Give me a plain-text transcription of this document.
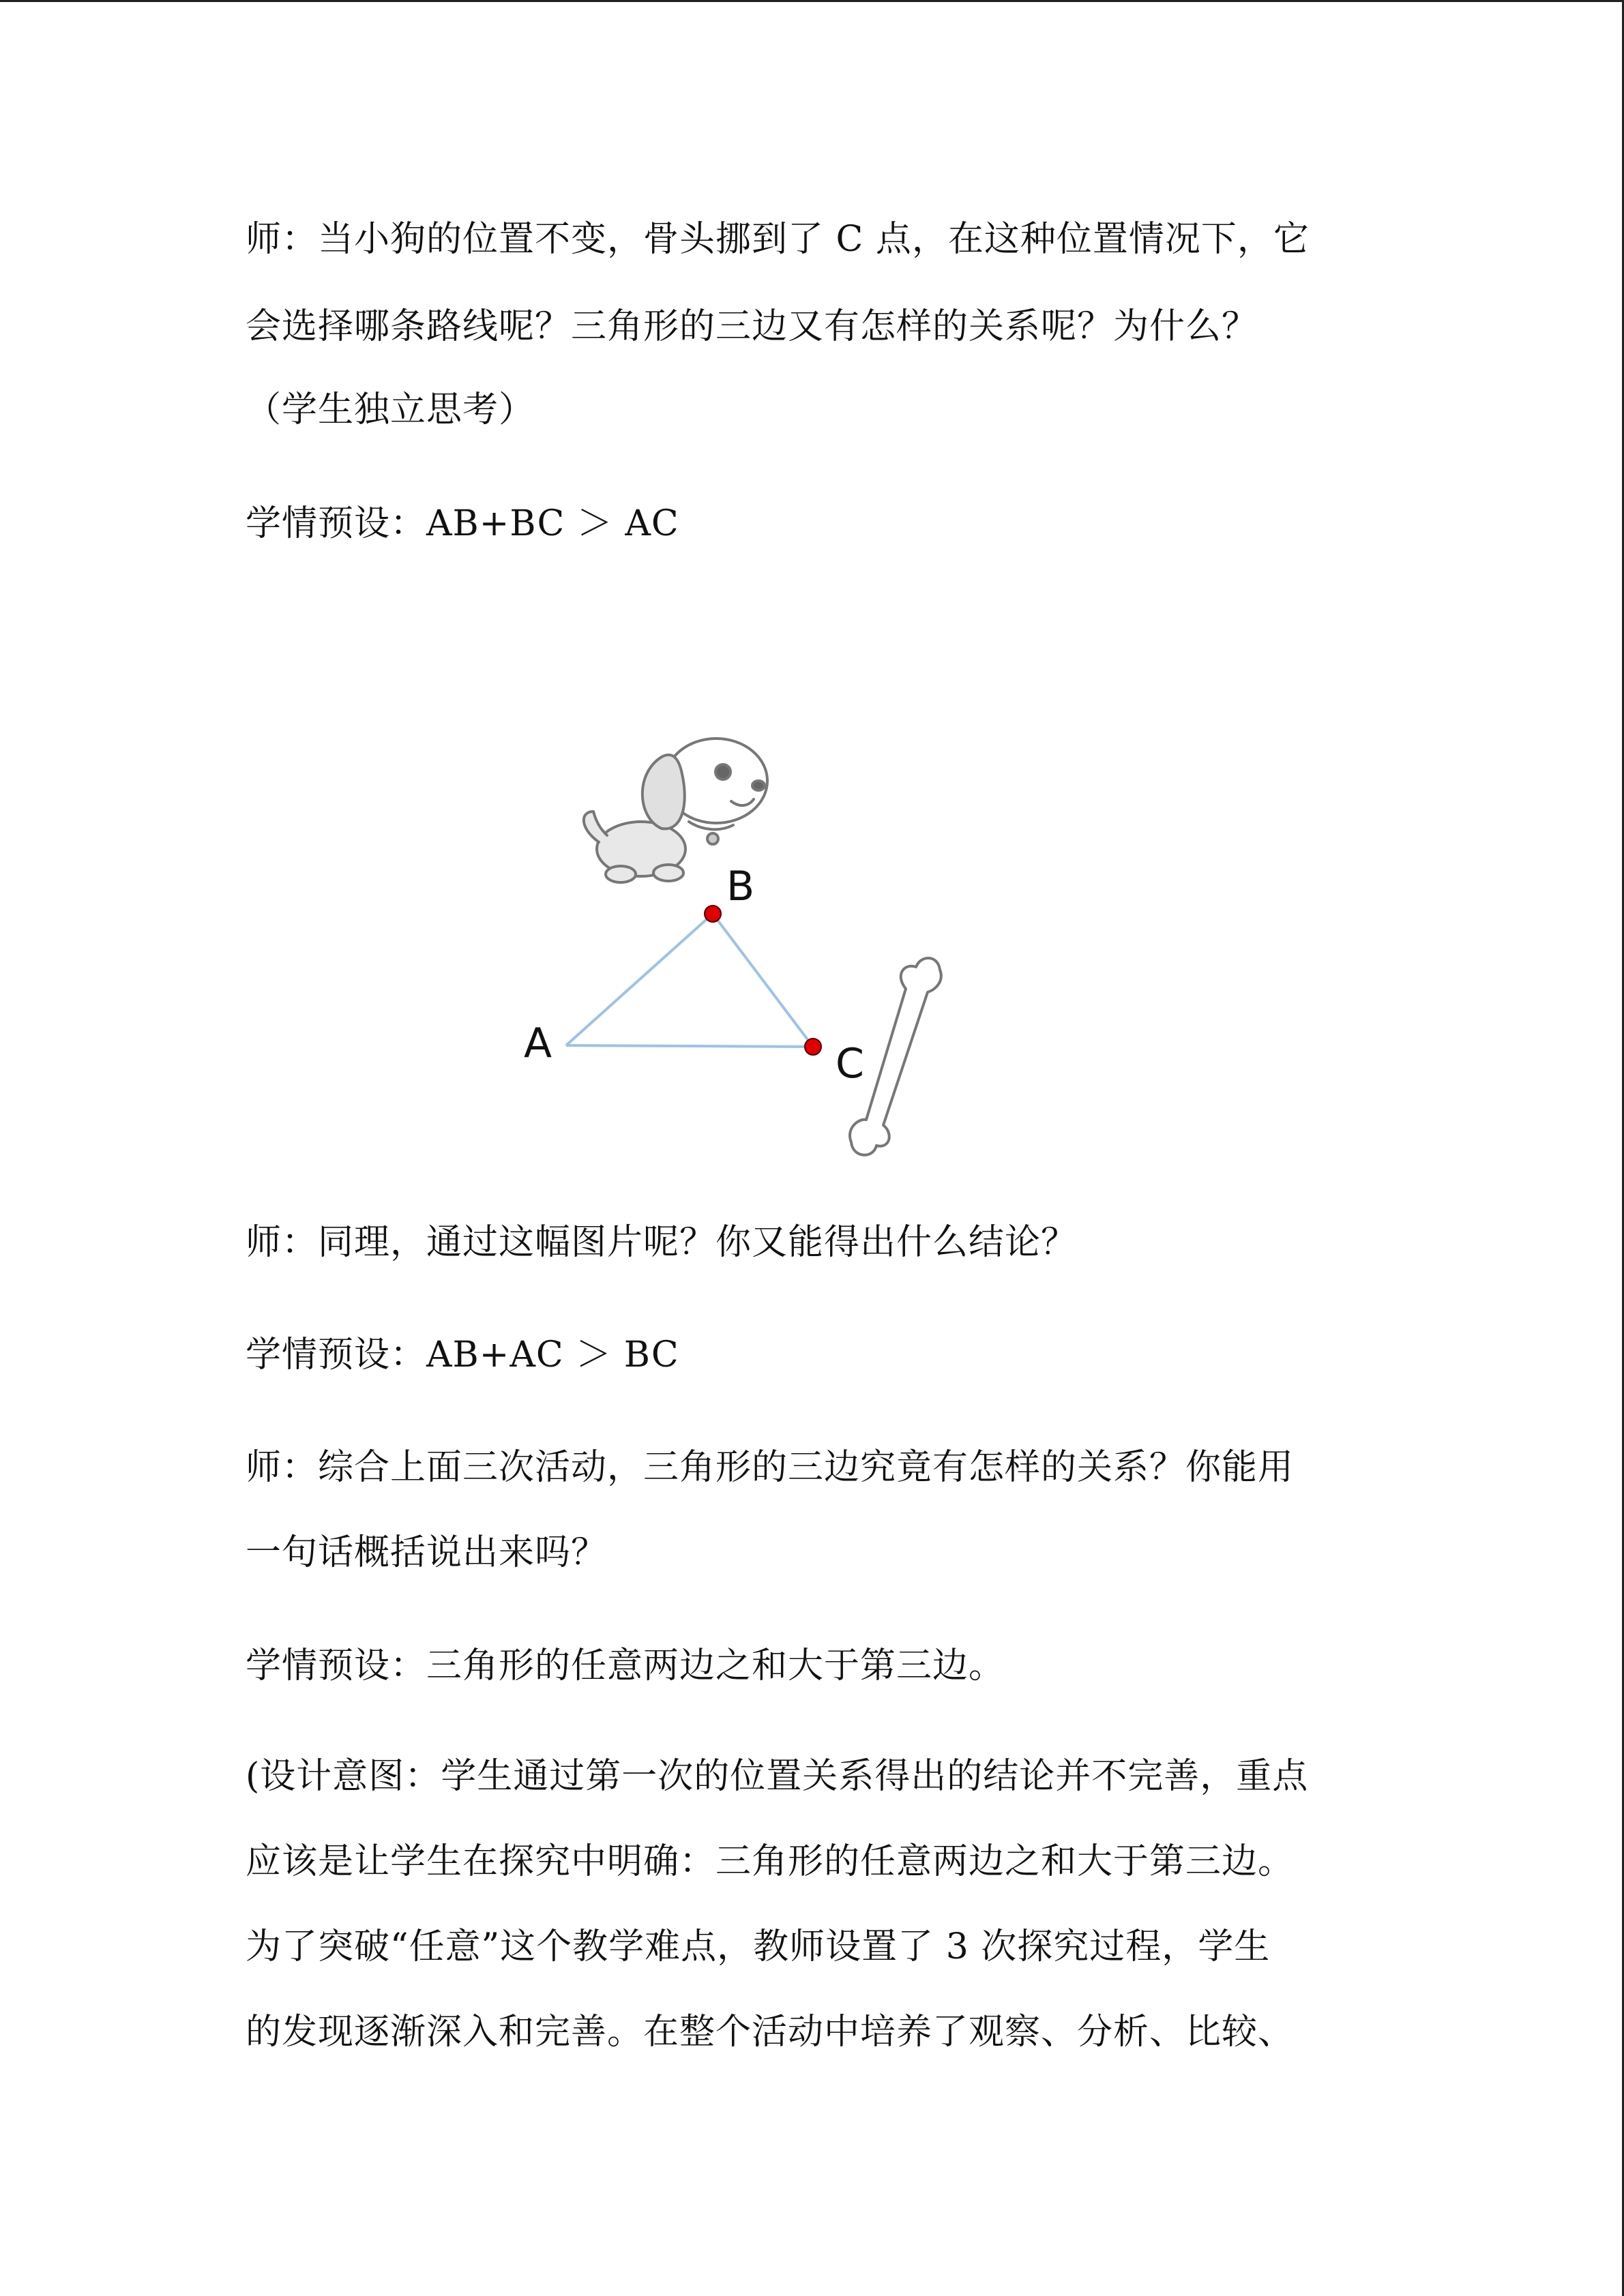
师：当小狗的位置不变，骨头挪到了 C 点，在这种位置情况下，它
会选择哪条路线呢？三角形的三边又有怎样的关系呢？为什么？
（学生独立思考）
学情预设：AB+BC ＞ AC
A
B
C
师：同理，通过这幅图片呢？你又能得出什么结论？
学情预设：AB+AC ＞ BC
师：综合上面三次活动，三角形的三边究竟有怎样的关系？你能用
一句话概括说出来吗？
学情预设：三角形的任意两边之和大于第三边。
(设计意图：学生通过第一次的位置关系得出的结论并不完善，重点
应该是让学生在探究中明确：三角形的任意两边之和大于第三边。
为了突破“任意”这个教学难点，教师设置了 3 次探究过程，学生
的发现逐渐深入和完善。在整个活动中培养了观察、分析、比较、
